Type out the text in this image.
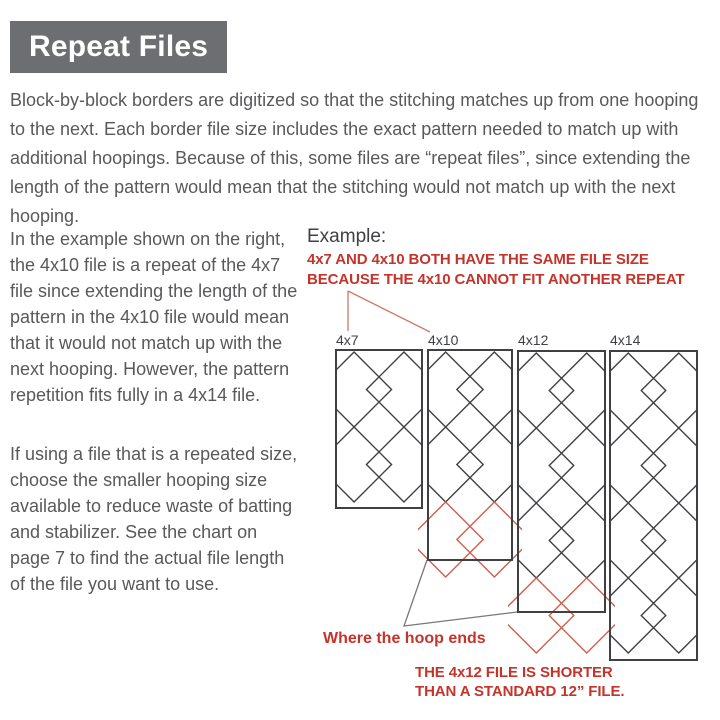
Repeat Files

Block-by-block borders are digitized so that the stitching matches up from one hooping to the next. Each border file size includes the exact pattern needed to match up with additional hoopings. Because of this, some files are “repeat files”, since extending the length of the pattern would mean that the stitching would not match up with the next hooping.

In the example shown on the right, the 4x10 file is a repeat of the 4x7 file since extending the length of the pattern in the 4x10 file would mean that it would not match up with the next hooping. However, the pattern repetition fits fully in a 4x14 file.

If using a file that is a repeated size, choose the smaller hooping size available to reduce waste of batting and stabilizer. See the chart on page 7 to find the actual file length of the file you want to use.

Example:
4x7 AND 4x10 BOTH HAVE THE SAME FILE SIZE
BECAUSE THE 4x10 CANNOT FIT ANOTHER REPEAT
4x7	4x10	4x12	4x14
Where the hoop ends
THE 4x12 FILE IS SHORTER
THAN A STANDARD 12” FILE.
